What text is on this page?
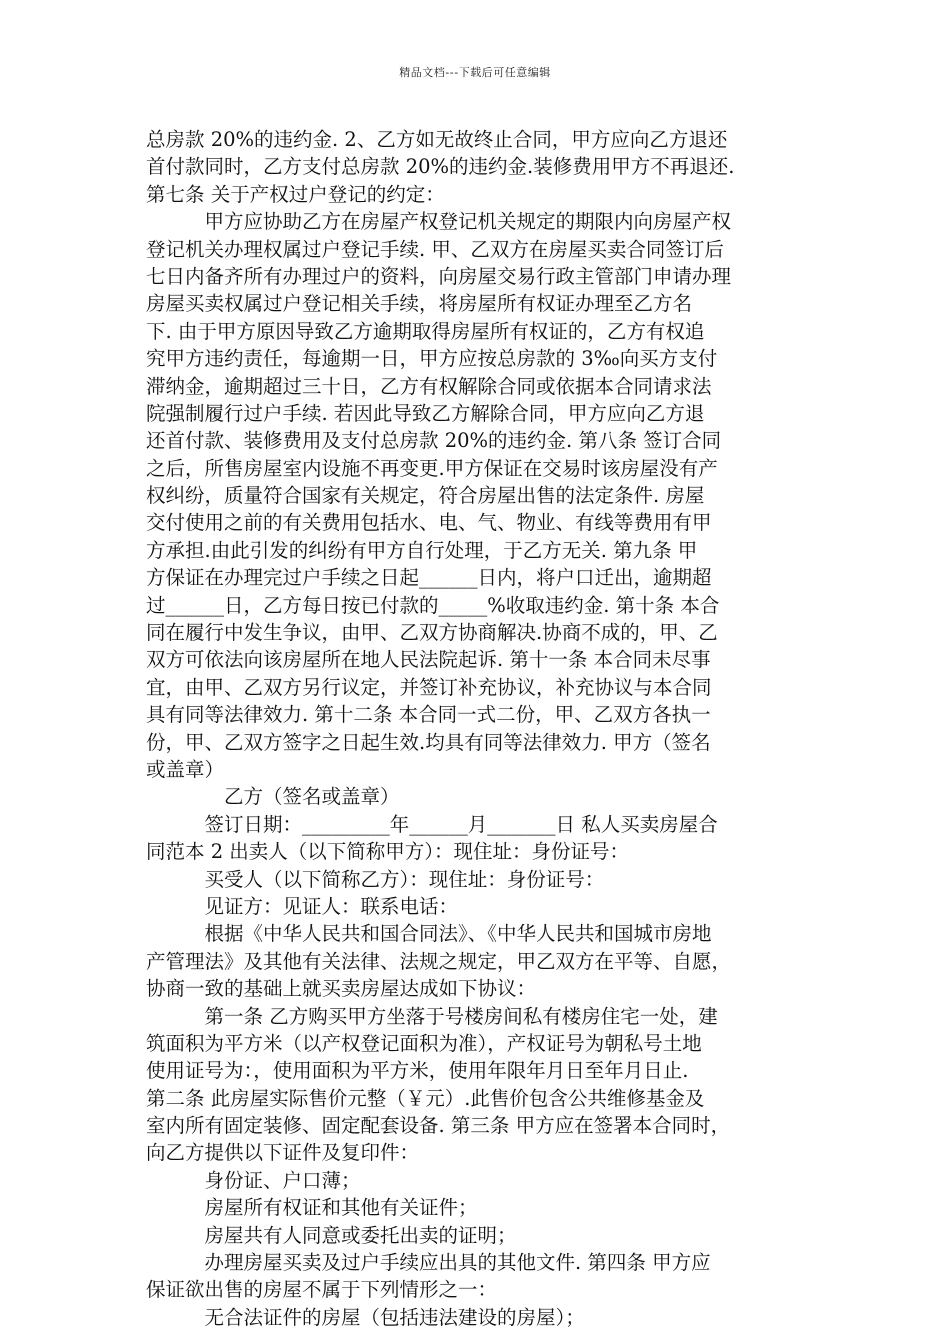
精品文档---下载后可任意编辑
总房款 20%的违约金. 2、乙方如无故终止合同，甲方应向乙方退还
首付款同时，乙方支付总房款 20%的违约金.装修费用甲方不再退还.
第七条 关于产权过户登记的约定：
　　　甲方应协助乙方在房屋产权登记机关规定的期限内向房屋产权
登记机关办理权属过户登记手续. 甲、乙双方在房屋买卖合同签订后
七日内备齐所有办理过户的资料，向房屋交易行政主管部门申请办理
房屋买卖权属过户登记相关手续，将房屋所有权证办理至乙方名
下. 由于甲方原因导致乙方逾期取得房屋所有权证的，乙方有权追
究甲方违约责任，每逾期一日，甲方应按总房款的 3‰向买方支付
滞纳金，逾期超过三十日，乙方有权解除合同或依据本合同请求法
院强制履行过户手续. 若因此导致乙方解除合同，甲方应向乙方退
还首付款、装修费用及支付总房款 20%的违约金. 第八条 签订合同
之后，所售房屋室内设施不再变更.甲方保证在交易时该房屋没有产
权纠纷，质量符合国家有关规定，符合房屋出售的法定条件. 房屋
交付使用之前的有关费用包括水、电、气、物业、有线等费用有甲
方承担.由此引发的纠纷有甲方自行处理，于乙方无关. 第九条 甲
方保证在办理完过户手续之日起______日内，将户口迁出，逾期超
过______日，乙方每日按已付款的_____%收取违约金. 第十条 本合
同在履行中发生争议，由甲、乙双方协商解决.协商不成的，甲、乙
双方可依法向该房屋所在地人民法院起诉. 第十一条 本合同未尽事
宜，由甲、乙双方另行议定，并签订补充协议，补充协议与本合同
具有同等法律效力. 第十二条 本合同一式二份，甲、乙双方各执一
份，甲、乙双方签字之日起生效.均具有同等法律效力. 甲方（签名
或盖章）
　　　　乙方（签名或盖章）
　　　签订日期：_________年______月_______日 私人买卖房屋合
同范本 2 出卖人（以下简称甲方）：现住址：身份证号：
　　　买受人（以下简称乙方）：现住址：身份证号：
　　　见证方：见证人：联系电话：
　　　根据《中华人民共和国合同法》、《中华人民共和国城市房地
产管理法》及其他有关法律、法规之规定，甲乙双方在平等、自愿，
协商一致的基础上就买卖房屋达成如下协议：
　　　第一条 乙方购买甲方坐落于号楼房间私有楼房住宅一处，建
筑面积为平方米（以产权登记面积为准），产权证号为朝私号土地
使用证号为：，使用面积为平方米，使用年限年月日至年月日止.
第二条 此房屋实际售价元整（￥元）.此售价包含公共维修基金及
室内所有固定装修、固定配套设备. 第三条 甲方应在签署本合同时，
向乙方提供以下证件及复印件：
　　　身份证、户口薄；
　　　房屋所有权证和其他有关证件；
　　　房屋共有人同意或委托出卖的证明；
　　　办理房屋买卖及过户手续应出具的其他文件. 第四条 甲方应
保证欲出售的房屋不属于下列情形之一：
　　　无合法证件的房屋（包括违法建设的房屋）；
